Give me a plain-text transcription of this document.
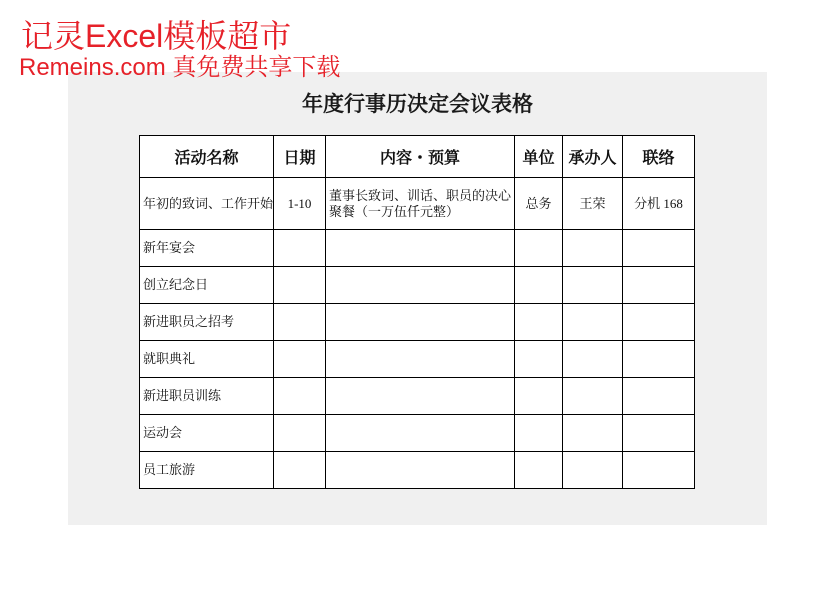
记灵Excel模板超市
Remeins.com 真免费共享下载
年度行事历决定会议表格
活动名称	日期	内容・预算	单位	承办人	联络
年初的致词、工作开始	1-10	董事长致词、训话、职员的决心聚餐（一万伍仟元整）	总务	王荣	分机 168
新年宴会					
创立纪念日					
新进职员之招考					
就职典礼					
新进职员训练					
运动会					
员工旅游					
